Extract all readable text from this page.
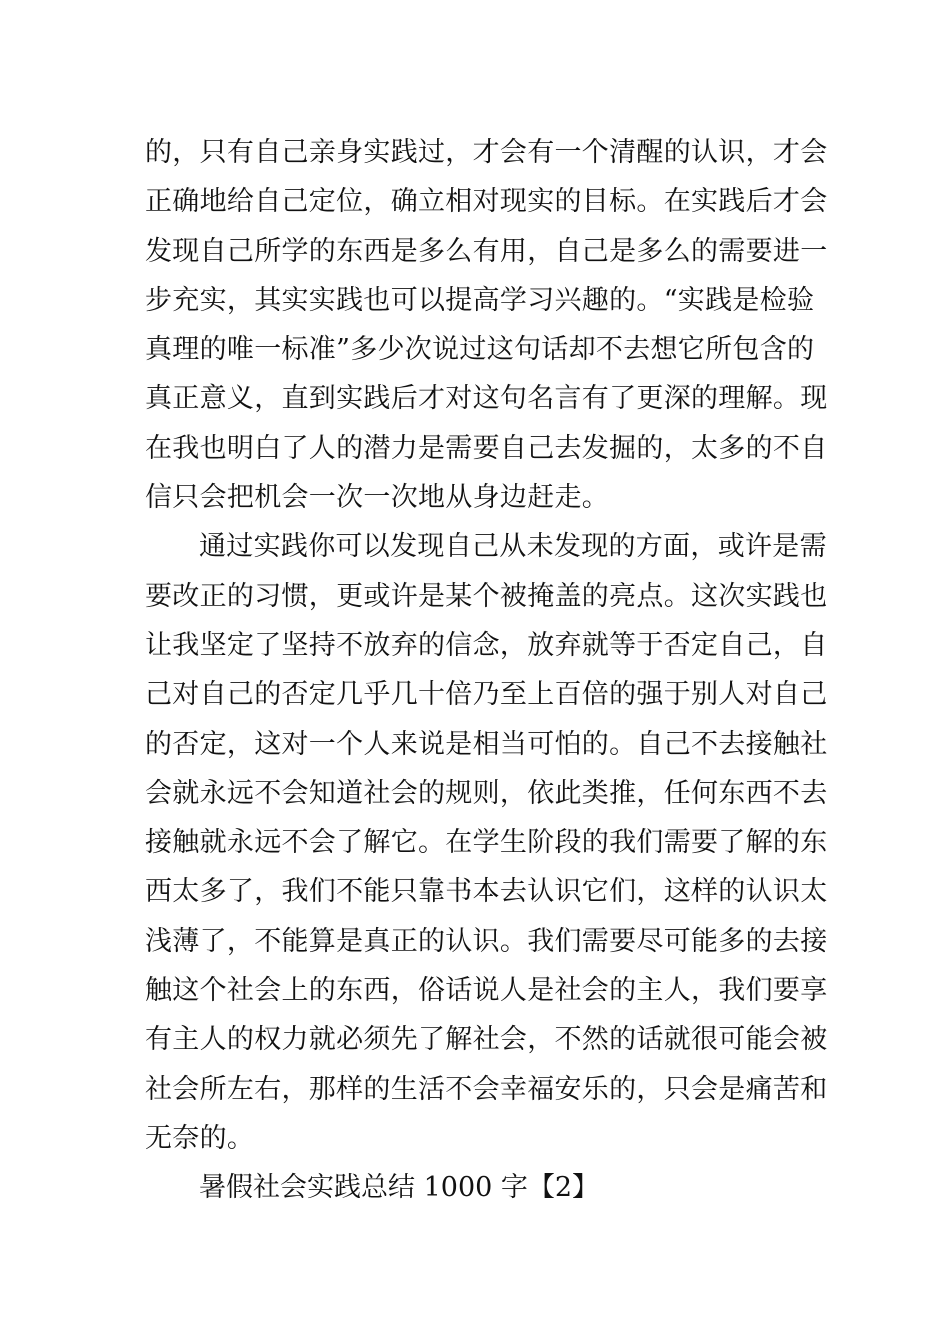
的，只有自己亲身实践过，才会有一个清醒的认识，才会
正确地给自己定位，确立相对现实的目标。在实践后才会
发现自己所学的东西是多么有用，自己是多么的需要进一
步充实，其实实践也可以提高学习兴趣的。“实践是检验
真理的唯一标准”多少次说过这句话却不去想它所包含的
真正意义，直到实践后才对这句名言有了更深的理解。现
在我也明白了人的潜力是需要自己去发掘的，太多的不自
信只会把机会一次一次地从身边赶走。

通过实践你可以发现自己从未发现的方面，或许是需
要改正的习惯，更或许是某个被掩盖的亮点。这次实践也
让我坚定了坚持不放弃的信念，放弃就等于否定自己，自
己对自己的否定几乎几十倍乃至上百倍的强于别人对自己
的否定，这对一个人来说是相当可怕的。自己不去接触社
会就永远不会知道社会的规则，依此类推，任何东西不去
接触就永远不会了解它。在学生阶段的我们需要了解的东
西太多了，我们不能只靠书本去认识它们，这样的认识太
浅薄了，不能算是真正的认识。我们需要尽可能多的去接
触这个社会上的东西，俗话说人是社会的主人，我们要享
有主人的权力就必须先了解社会，不然的话就很可能会被
社会所左右，那样的生活不会幸福安乐的，只会是痛苦和
无奈的。

暑假社会实践总结 1000 字【2】
